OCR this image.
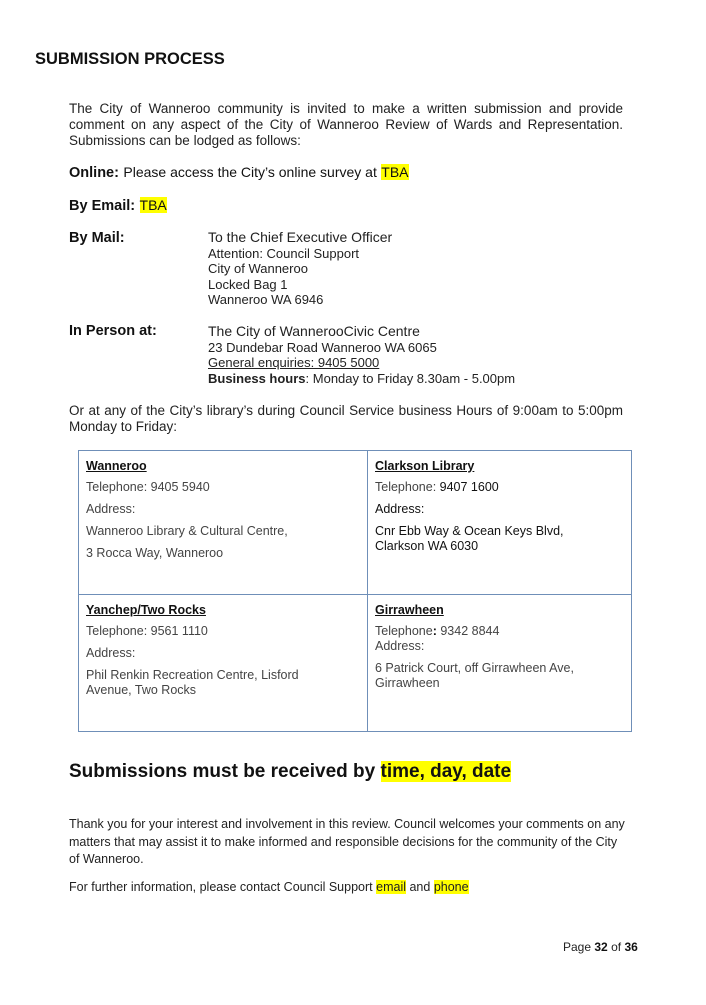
SUBMISSION PROCESS
The City of Wanneroo community is invited to make a written submission and provide comment on any aspect of the City of Wanneroo Review of Wards and Representation. Submissions can be lodged as follows:
Online: Please access the City’s online survey at TBA
By Email: TBA
By Mail:	To the Chief Executive Officer
Attention: Council Support
City of Wanneroo
Locked Bag 1
Wanneroo WA 6946
In Person at:	The City of WannerooCivic Centre
23 Dundebar Road Wanneroo WA 6065
General enquiries: 9405 5000
Business hours: Monday to Friday 8.30am - 5.00pm
Or at any of the City’s library’s during Council Service business Hours of 9:00am to 5:00pm Monday to Friday:
Wanneroo
Telephone: 9405 5940
Address:
Wanneroo Library & Cultural Centre,
3 Rocca Way, Wanneroo
Clarkson Library
Telephone: 9407 1600
Address:
Cnr Ebb Way & Ocean Keys Blvd,
Clarkson WA 6030
Yanchep/Two Rocks
Telephone: 9561 1110
Address:
Phil Renkin Recreation Centre, Lisford
Avenue, Two Rocks
Girrawheen
Telephone: 9342 8844
Address:
6 Patrick Court, off Girrawheen Ave,
Girrawheen
Submissions must be received by time, day, date
Thank you for your interest and involvement in this review. Council welcomes your comments on any matters that may assist it to make informed and responsible decisions for the community of the City of Wanneroo.
For further information, please contact Council Support email and phone
Page 32 of 36
